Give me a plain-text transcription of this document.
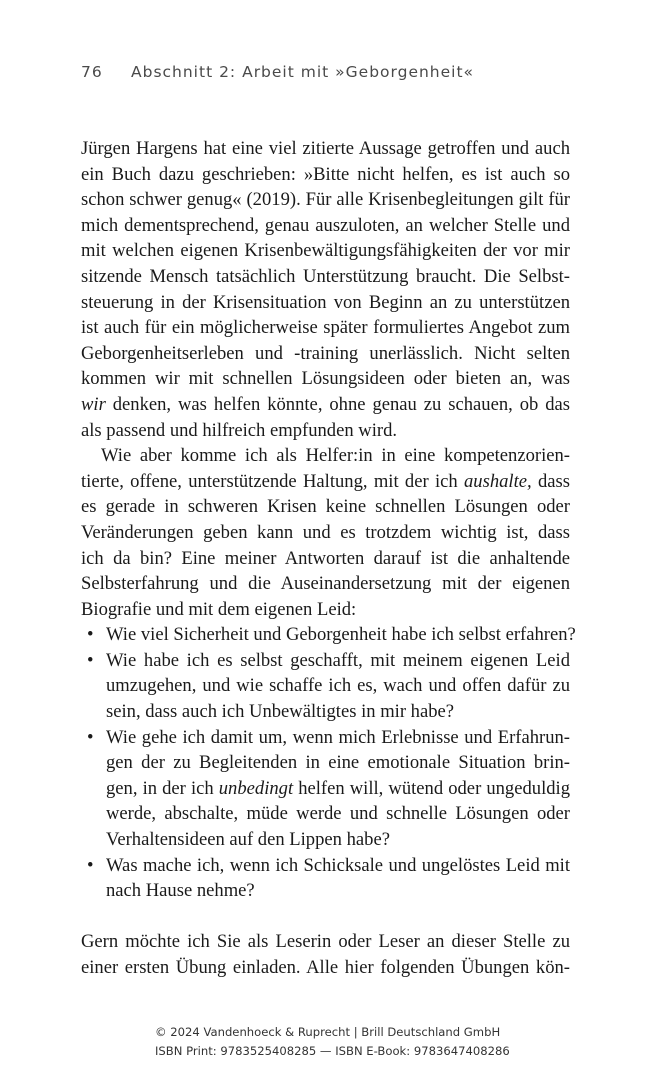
76 Abschnitt 2: Arbeit mit »Geborgenheit«
Jürgen Hargens hat eine viel zitierte Aussage getroffen und auch
ein Buch dazu geschrieben: »Bitte nicht helfen, es ist auch so
schon schwer genug« (2019). Für alle Krisenbegleitungen gilt für
mich dementsprechend, genau auszuloten, an welcher Stelle und
mit welchen eigenen Krisenbewältigungsfähigkeiten der vor mir
sitzende Mensch tatsächlich Unterstützung braucht. Die Selbst-
steuerung in der Krisensituation von Beginn an zu unterstützen
ist auch für ein möglicherweise später formuliertes Angebot zum
Geborgenheitserleben und -training unerlässlich. Nicht selten
kommen wir mit schnellen Lösungsideen oder bieten an, was
wir denken, was helfen könnte, ohne genau zu schauen, ob das
als passend und hilfreich empfunden wird.
Wie aber komme ich als Helfer:in in eine kompetenzorien-
tierte, offene, unterstützende Haltung, mit der ich aushalte, dass
es gerade in schweren Krisen keine schnellen Lösungen oder
Veränderungen geben kann und es trotzdem wichtig ist, dass
ich da bin? Eine meiner Antworten darauf ist die anhaltende
Selbsterfahrung und die Auseinandersetzung mit der eigenen
Biografie und mit dem eigenen Leid:
• Wie viel Sicherheit und Geborgenheit habe ich selbst erfahren?
• Wie habe ich es selbst geschafft, mit meinem eigenen Leid
umzugehen, und wie schaffe ich es, wach und offen dafür zu
sein, dass auch ich Unbewältigtes in mir habe?
• Wie gehe ich damit um, wenn mich Erlebnisse und Erfahrun-
gen der zu Begleitenden in eine emotionale Situation brin-
gen, in der ich unbedingt helfen will, wütend oder ungeduldig
werde, abschalte, müde werde und schnelle Lösungen oder
Verhaltensideen auf den Lippen habe?
• Was mache ich, wenn ich Schicksale und ungelöstes Leid mit
nach Hause nehme?
Gern möchte ich Sie als Leserin oder Leser an dieser Stelle zu
einer ersten Übung einladen. Alle hier folgenden Übungen kön-
© 2024 Vandenhoeck & Ruprecht | Brill Deutschland GmbH
ISBN Print: 9783525408285 — ISBN E-Book: 9783647408286
